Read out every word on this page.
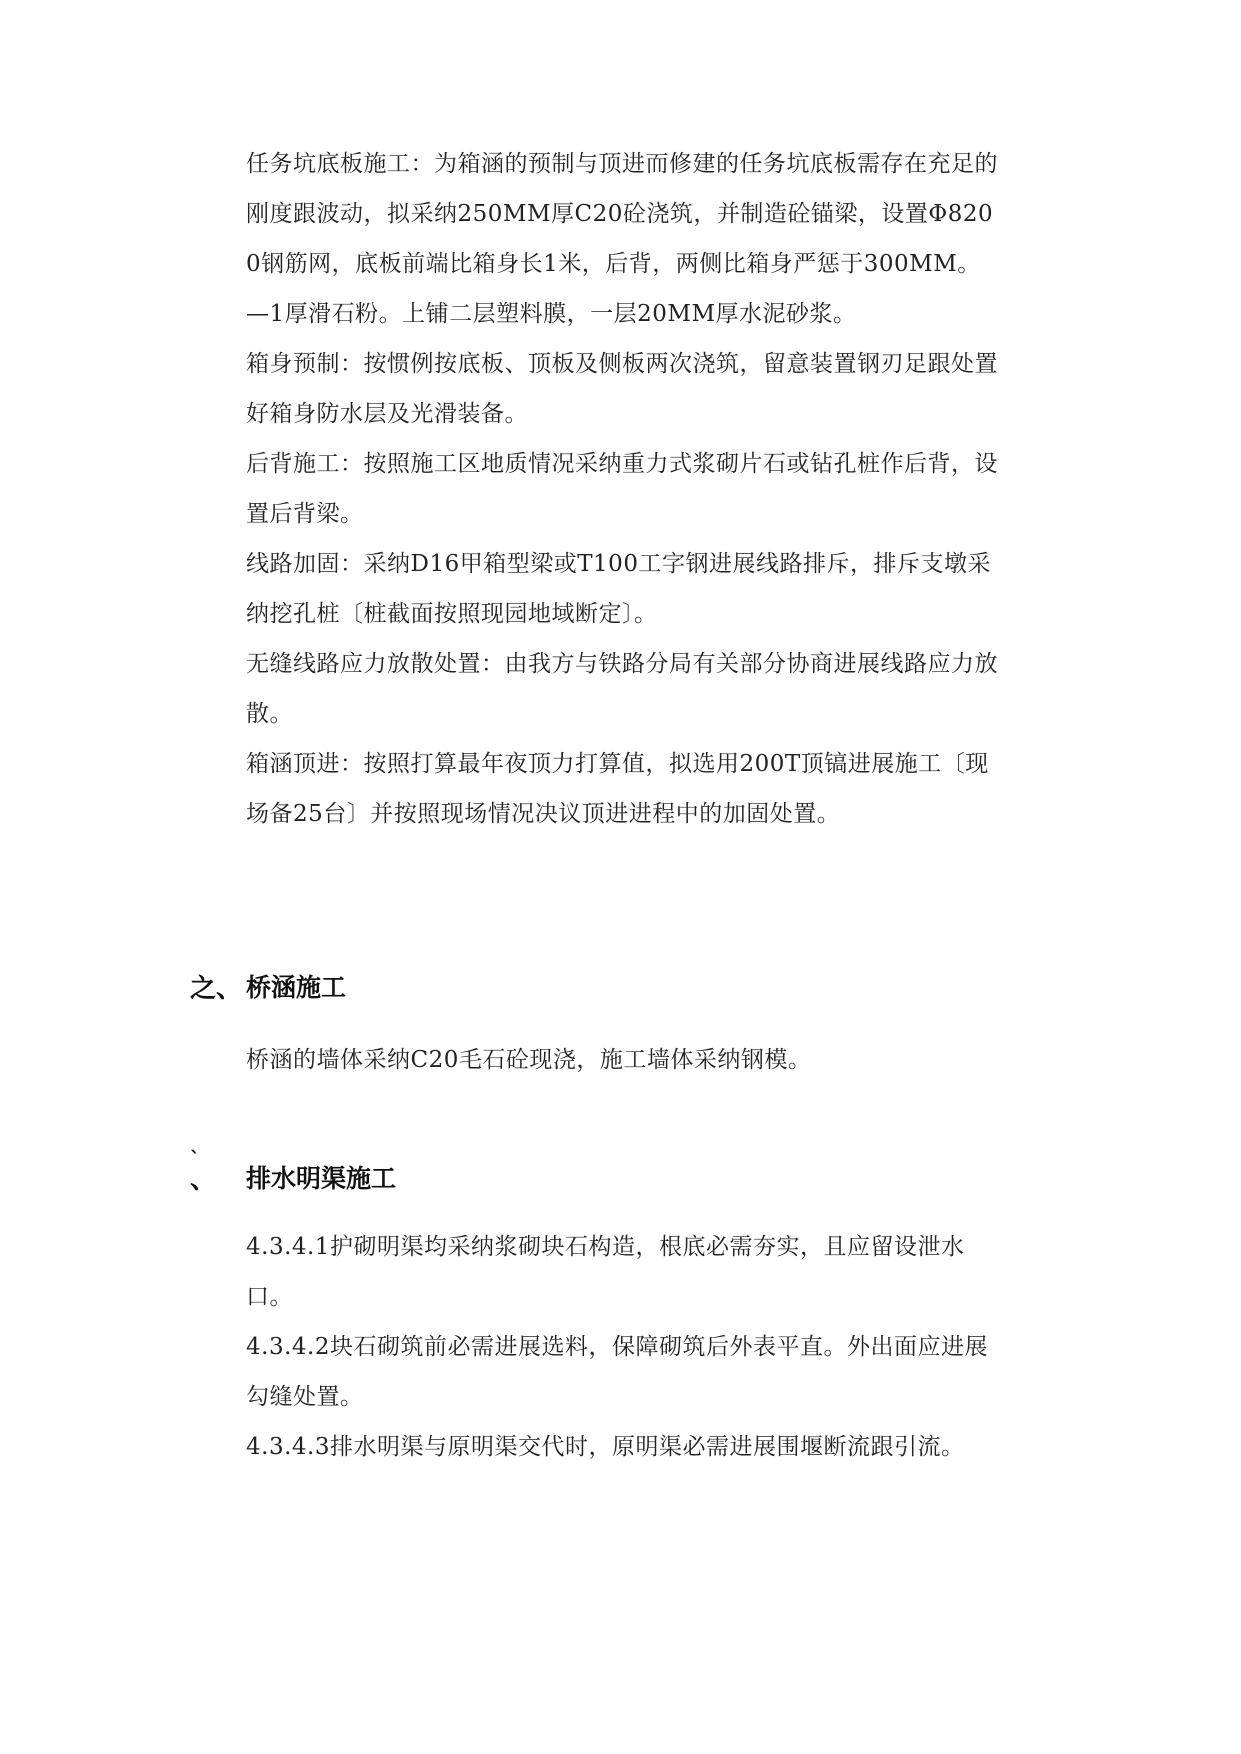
任务坑底板施工：为箱涵的预制与顶进而修建的任务坑底板需存在充足的刚度跟波动，拟采纳250MM厚C20砼浇筑，并制造砼锚梁，设置Φ8200钢筋网，底板前端比箱身长1米，后背，两侧比箱身严惩于300MM。

—1厚滑石粉。上铺二层塑料膜，一层20MM厚水泥砂浆。

箱身预制：按惯例按底板、顶板及侧板两次浇筑，留意装置钢刃足跟处置好箱身防水层及光滑装备。

后背施工：按照施工区地质情况采纳重力式浆砌片石或钻孔桩作后背，设置后背梁。

线路加固：采纳D16甲箱型梁或T100工字钢进展线路排斥，排斥支墩采纳挖孔桩〔桩截面按照现园地域断定〕。

无缝线路应力放散处置：由我方与铁路分局有关部分协商进展线路应力放散。

箱涵顶进：按照打算最年夜顶力打算值，拟选用200T顶镐进展施工〔现场备25台〕并按照现场情况决议顶进进程中的加固处置。

之、 桥涵施工

桥涵的墙体采纳C20毛石砼现浇，施工墙体采纳钢模。

`
、	排水明渠施工

4.3.4.1护砌明渠均采纳浆砌块石构造，根底必需夯实，且应留设泄水口。

4.3.4.2块石砌筑前必需进展选料，保障砌筑后外表平直。外出面应进展勾缝处置。

4.3.4.3排水明渠与原明渠交代时，原明渠必需进展围堰断流跟引流。
